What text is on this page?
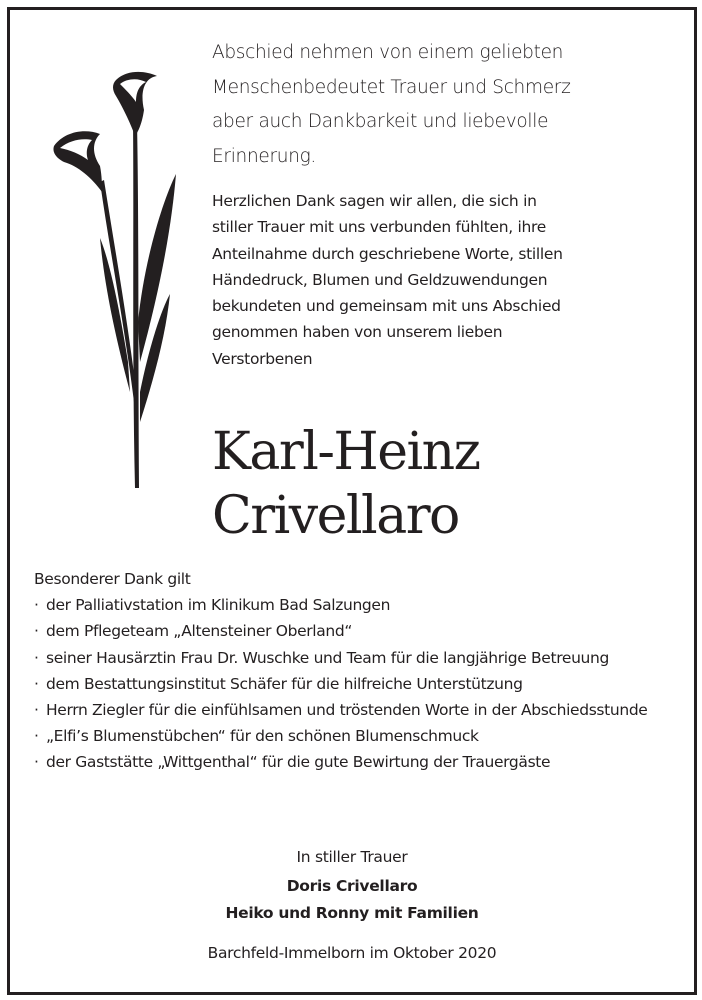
Abschied nehmen von einem geliebten
Menschenbedeutet Trauer und Schmerz
aber auch Dankbarkeit und liebevolle
Erinnerung.
Herzlichen Dank sagen wir allen, die sich in
stiller Trauer mit uns verbunden fühlten, ihre
Anteilnahme durch geschriebene Worte, stillen
Händedruck, Blumen und Geldzuwendungen
bekundeten und gemeinsam mit uns Abschied
genommen haben von unserem lieben
Verstorbenen
Karl-Heinz
Crivellaro
Besonderer Dank gilt
· der Palliativstation im Klinikum Bad Salzungen
· dem Pflegeteam „Altensteiner Oberland“
· seiner Hausärztin Frau Dr. Wuschke und Team für die langjährige Betreuung
· dem Bestattungsinstitut Schäfer für die hilfreiche Unterstützung
· Herrn Ziegler für die einfühlsamen und tröstenden Worte in der Abschiedsstunde
· „Elfi’s Blumenstübchen“ für den schönen Blumenschmuck
· der Gaststätte „Wittgenthal“ für die gute Bewirtung der Trauergäste
In stiller Trauer
Doris Crivellaro
Heiko und Ronny mit Familien
Barchfeld-Immelborn im Oktober 2020
